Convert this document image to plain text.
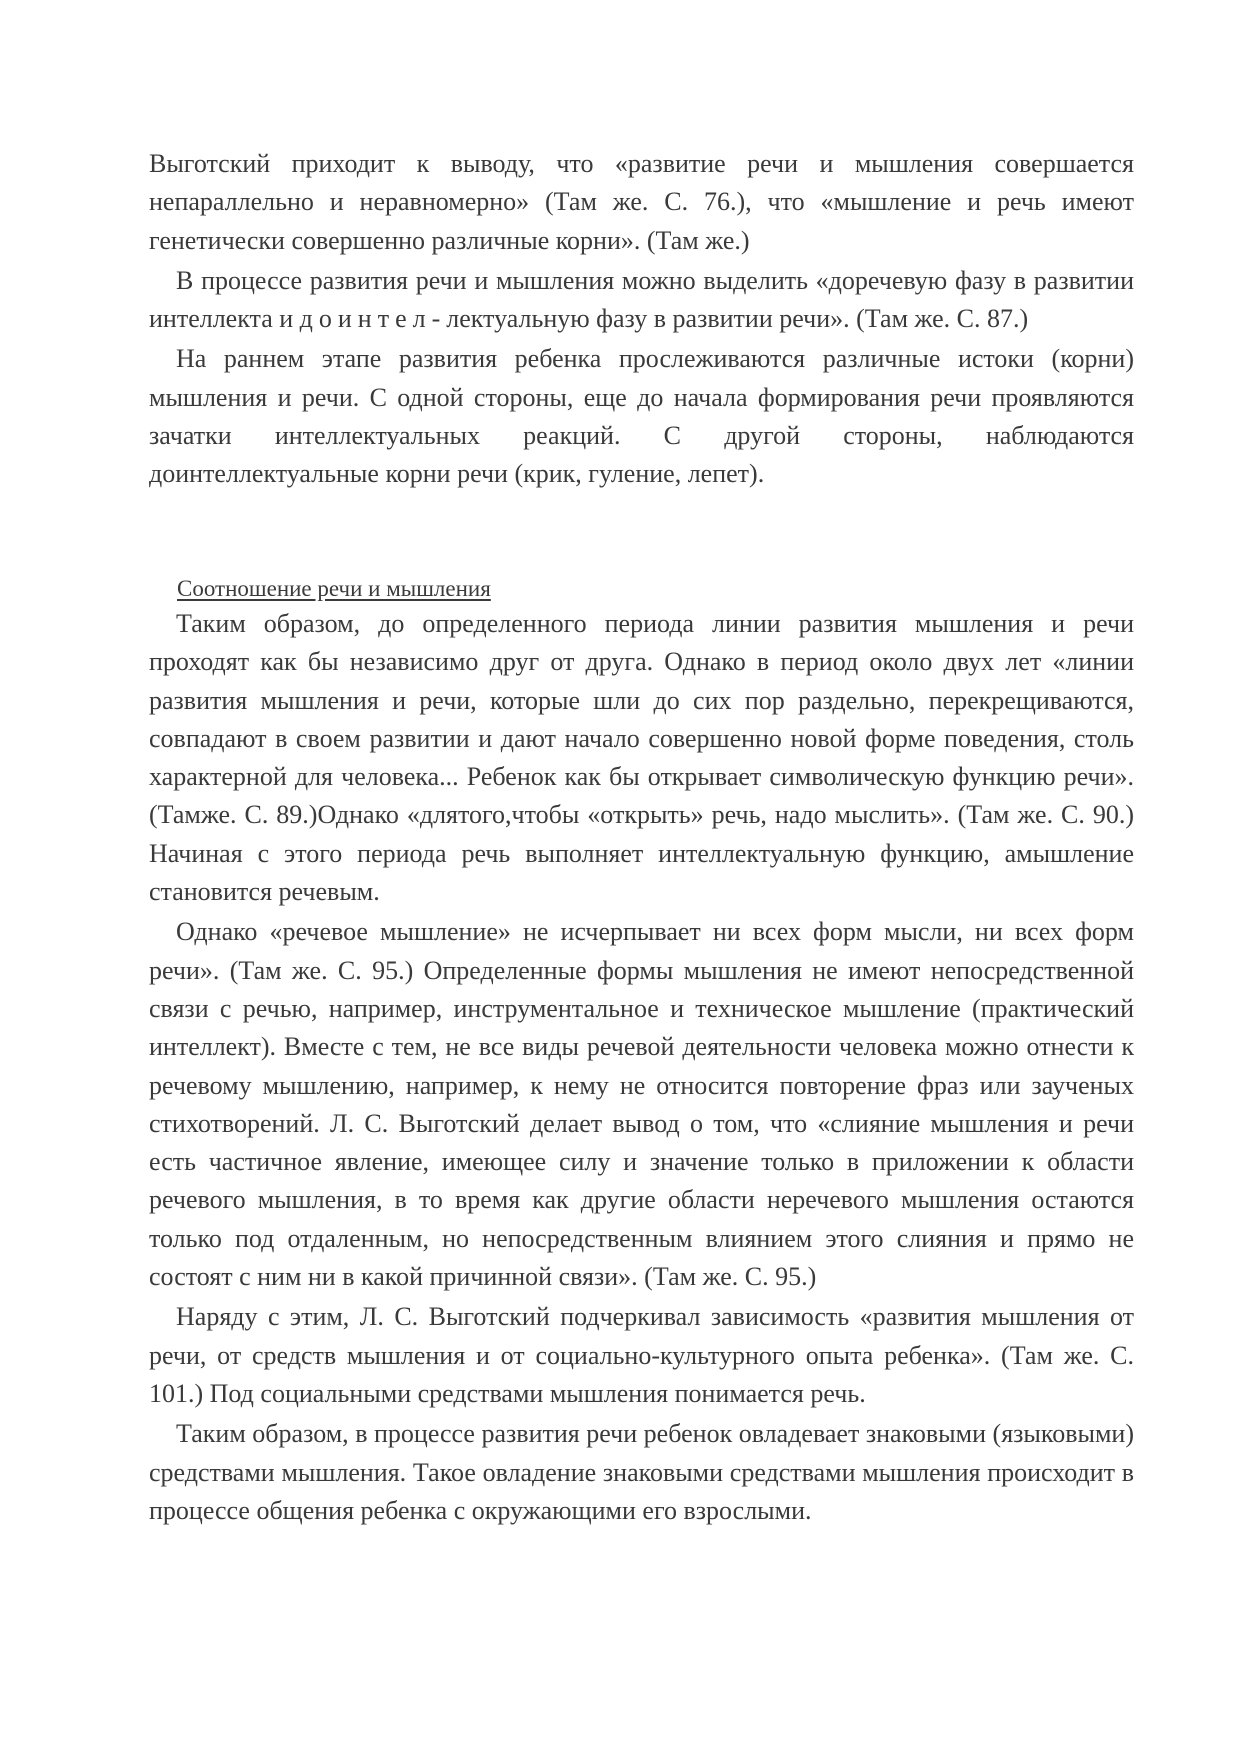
Выготский приходит к выводу, что «развитие речи и мышления совершается непараллельно и неравномерно» (Там же. С. 76.), что «мышление и речь имеют генетически совершенно различные корни». (Там же.)

В процессе развития речи и мышления можно выделить «доречевую фазу в развитии интеллекта и доинтел-лектуальную фазу в развитии речи». (Там же. С. 87.)

На раннем этапе развития ребенка прослеживаются различные истоки (корни) мышления и речи. С одной стороны, еще до начала формирования речи проявляются зачатки интеллектуальных реакций. С другой стороны, наблюдаются доинтеллектуальные корни речи (крик, гуление, лепет).

Соотношение речи и мышления

Таким образом, до определенного периода линии развития мышления и речи проходят как бы независимо друг от друга. Однако в период около двух лет «линии развития мышления и речи, которые шли до сих пор раздельно, перекрещиваются, совпадают в своем развитии и дают начало совершенно новой форме поведения, столь характерной для человека... Ребенок как бы открывает символическую функцию речи». (Тамже. С. 89.)Однако «длятого,чтобы «открыть» речь, надо мыслить». (Там же. С. 90.) Начиная с этого периода речь выполняет интеллектуальную функцию, амышление становится речевым.

Однако «речевое мышление» не исчерпывает ни всех форм мысли, ни всех форм речи». (Там же. С. 95.) Определенные формы мышления не имеют непосредственной связи с речью, например, инструментальное и техническое мышление (практический интеллект). Вместе с тем, не все виды речевой деятельности человека можно отнести к речевому мышлению, например, к нему не относится повторение фраз или заученых стихотворений. Л. С. Выготский делает вывод о том, что «слияние мышления и речи есть частичное явление, имеющее силу и значение только в приложении к области речевого мышления, в то время как другие области неречевого мышления остаются только под отдаленным, но непосредственным влиянием этого слияния и прямо не состоят с ним ни в какой причинной связи». (Там же. С. 95.)

Наряду с этим, Л. С. Выготский подчеркивал зависимость «развития мышления от речи, от средств мышления и от социально-культурного опыта ребенка». (Там же. С. 101.) Под социальными средствами мышления понимается речь.

Таким образом, в процессе развития речи ребенок овладевает знаковыми (языковыми) средствами мышления. Такое овладение знаковыми средствами мышления происходит в процессе общения ребенка с окружающими его взрослыми.
